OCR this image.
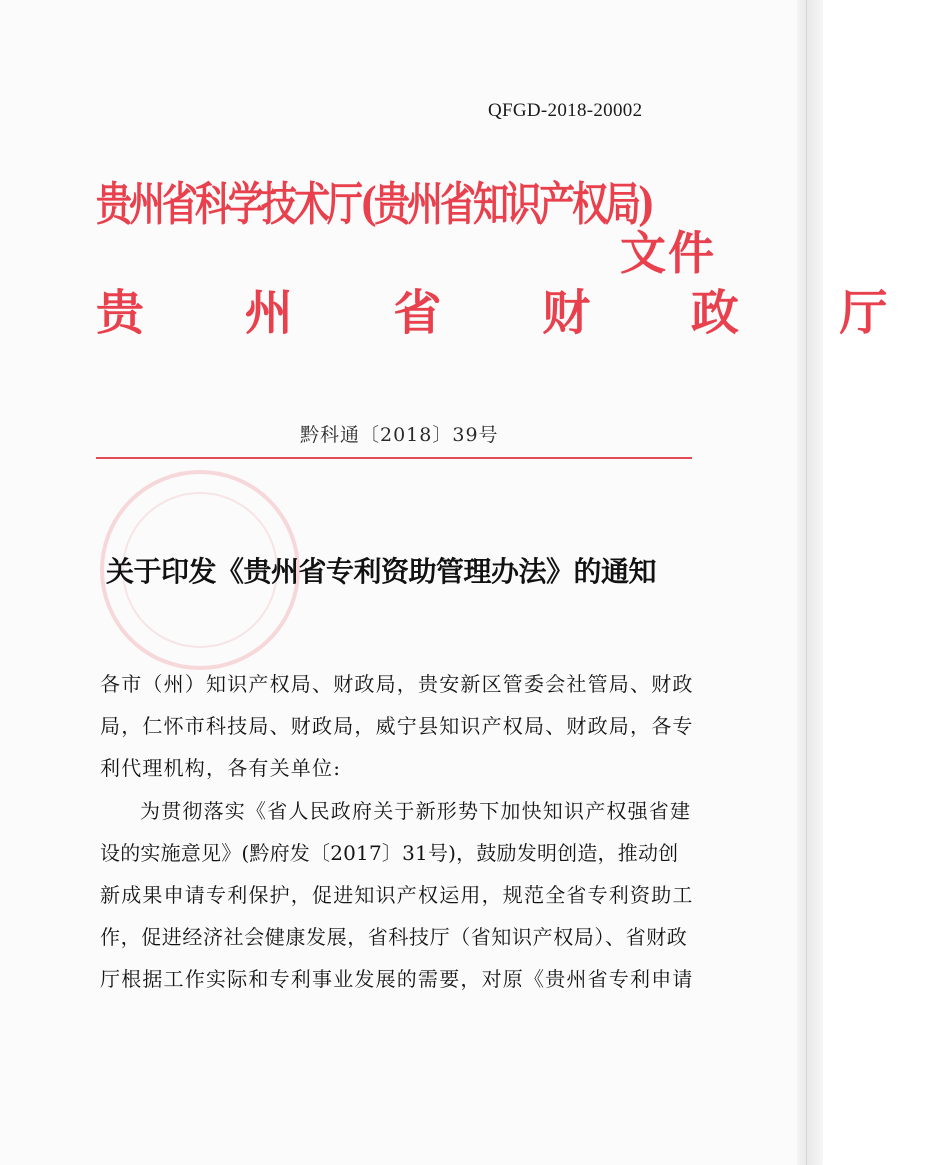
QFGD-2018-20002
贵州省科学技术厅(贵州省知识产权局)
文件
贵 州 省 财 政 厅
黔科通〔2018〕39号
关于印发《贵州省专利资助管理办法》的通知
各市（州）知识产权局、财政局，贵安新区管委会社管局、财政
局，仁怀市科技局、财政局，威宁县知识产权局、财政局，各专
利代理机构，各有关单位:
为贯彻落实《省人民政府关于新形势下加快知识产权强省建
设的实施意见》(黔府发〔2017〕31号)，鼓励发明创造，推动创
新成果申请专利保护，促进知识产权运用，规范全省专利资助工
作，促进经济社会健康发展，省科技厅（省知识产权局）、省财政
厅根据工作实际和专利事业发展的需要，对原《贵州省专利申请
